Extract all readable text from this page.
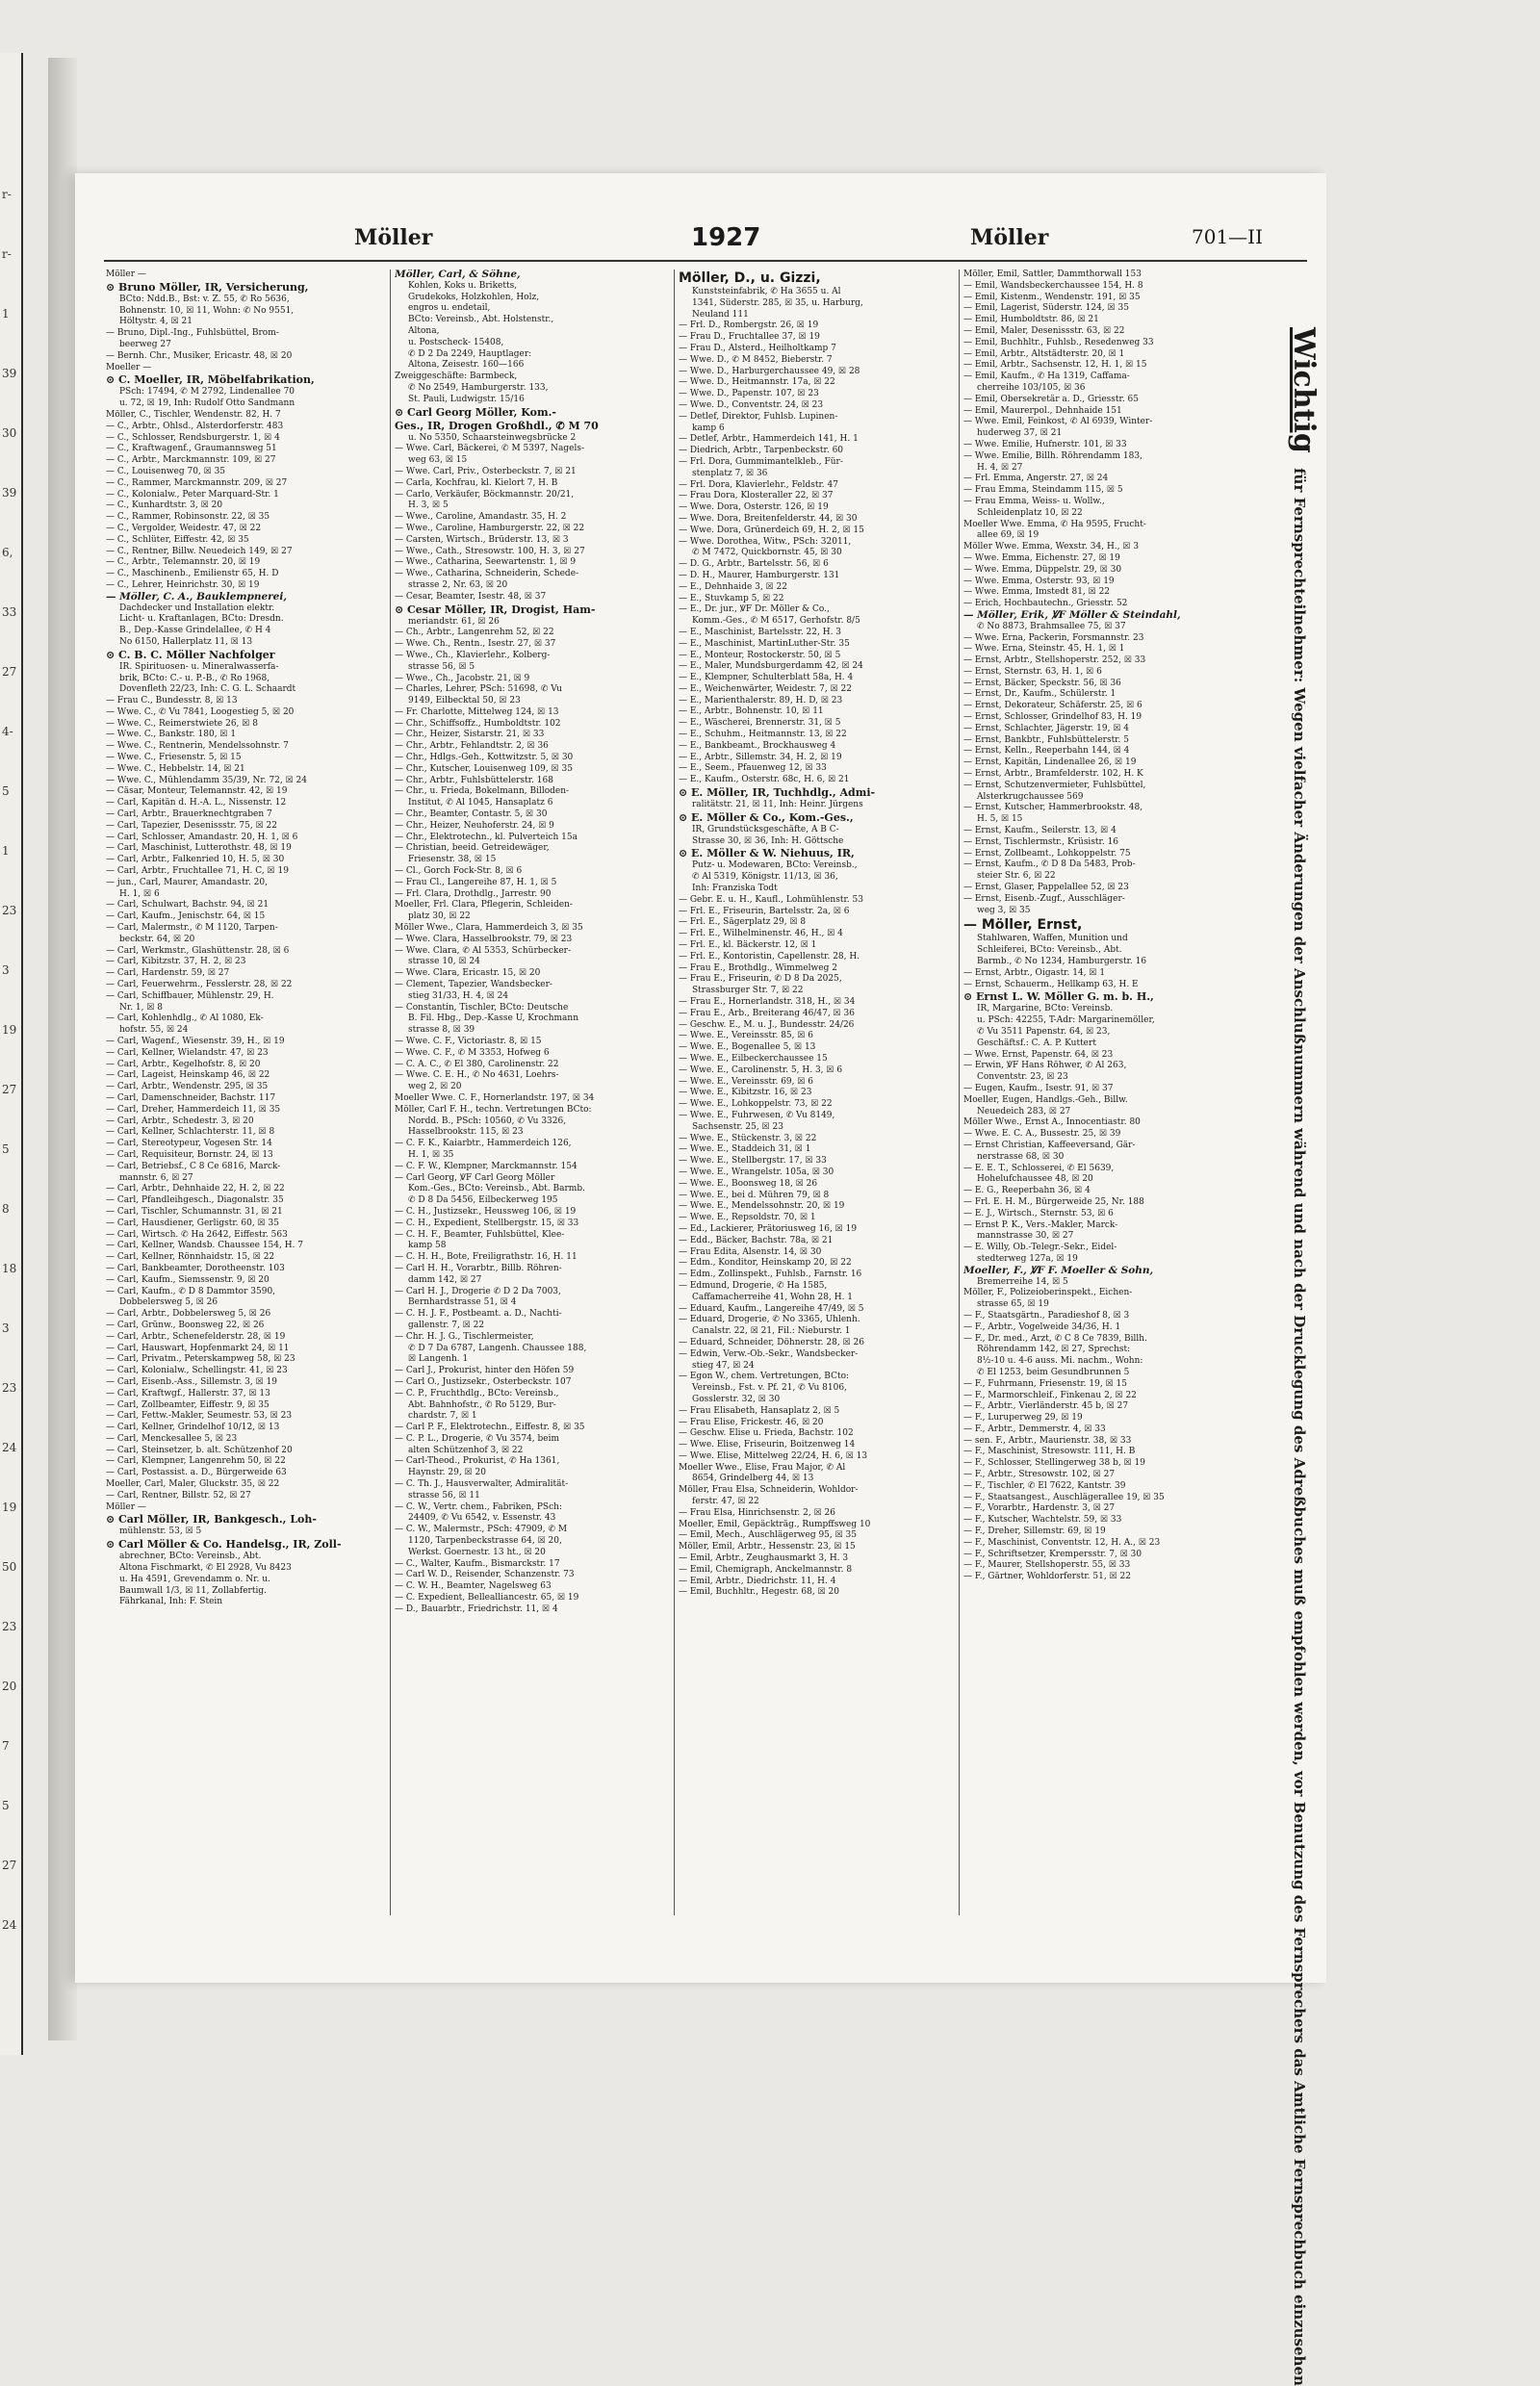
r-
r-
1
39
30
39
6,
33
27
4-
5
1
23
3
19
27
5
8
18
3
23
24
19
50
23
20
7
5
27
24
Möller	1927	Möller	701—II
Möller —
⊙ Bruno Möller, IR, Versicherung,
BCto: Ndd.B., Bst: v. Z. 55, ✆ Ro 5636,
Bohnenstr. 10, ☒ 11, Wohn: ✆ No 9551,
Höltystr. 4, ☒ 21
— Bruno, Dipl.-Ing., Fuhlsbüttel, Brom-
beerweg 27
— Bernh. Chr., Musiker, Ericastr. 48, ☒ 20
Moeller —
⊙ C. Moeller, IR, Möbelfabrikation,
PSch: 17494, ✆ M 2792, Lindenallee 70
u. 72, ☒ 19, Inh: Rudolf Otto Sandmann
Möller, C., Tischler, Wendenstr. 82, H. 7
— C., Arbtr., Ohlsd., Alsterdorferstr. 483
— C., Schlosser, Rendsburgerstr. 1, ☒ 4
— C., Kraftwagenf., Graumannsweg 51
— C., Arbtr., Marckmannstr. 109, ☒ 27
— C., Louisenweg 70, ☒ 35
— C., Rammer, Marckmannstr. 209, ☒ 27
— C., Kolonialw., Peter Marquard-Str. 1
— C., Kunhardtstr. 3, ☒ 20
— C., Rammer, Robinsonstr. 22, ☒ 35
— C., Vergolder, Weidestr. 47, ☒ 22
— C., Schlüter, Eiffestr. 42, ☒ 35
— C., Rentner, Billw. Neuedeich 149, ☒ 27
— C., Arbtr., Telemannstr. 20, ☒ 19
— C., Maschinenb., Emilienstr 65, H. D
— C., Lehrer, Heinrichstr. 30, ☒ 19
— Möller, C. A., Bauklempnerei,
Dachdecker und Installation elektr.
Licht- u. Kraftanlagen, BCto: Dresdn.
B., Dep.-Kasse Grindelallee, ✆ H 4
No 6150, Hallerplatz 11, ☒ 13
⊙ C. B. C. Möller Nachfolger
IR. Spirituosen- u. Mineralwasserfa-
brik, BCto: C.- u. P.-B., ✆ Ro 1968,
Dovenfleth 22/23, Inh: C. G. L. Schaardt
— Frau C., Bundesstr. 8, ☒ 13
— Wwe. C., ✆ Vu 7841, Loogestieg 5, ☒ 20
— Wwe. C., Reimerstwiete 26, ☒ 8
— Wwe. C., Bankstr. 180, ☒ 1
— Wwe. C., Rentnerin, Mendelssohnstr. 7
— Wwe. C., Friesenstr. 5, ☒ 15
— Wwe. C., Hebbelstr. 14, ☒ 21
— Wwe. C., Mühlendamm 35/39, Nr. 72, ☒ 24
— Cäsar, Monteur, Telemannstr. 42, ☒ 19
— Carl, Kapitän d. H.-A. L., Nissenstr. 12
— Carl, Arbtr., Brauerknechtgraben 7
— Carl, Tapezier, Desenissstr. 75, ☒ 22
— Carl, Schlosser, Amandastr. 20, H. 1, ☒ 6
— Carl, Maschinist, Lutterothstr. 48, ☒ 19
— Carl, Arbtr., Falkenried 10, H. 5, ☒ 30
— Carl, Arbtr., Fruchtallee 71, H. C, ☒ 19
— jun., Carl, Maurer, Amandastr. 20,
H. 1, ☒ 6
— Carl, Schulwart, Bachstr. 94, ☒ 21
— Carl, Kaufm., Jenischstr. 64, ☒ 15
— Carl, Malermstr., ✆ M 1120, Tarpen-
beckstr. 64, ☒ 20
— Carl, Werkmstr., Glashüttenstr. 28, ☒ 6
— Carl, Kibitzstr. 37, H. 2, ☒ 23
— Carl, Hardenstr. 59, ☒ 27
— Carl, Feuerwehrm., Fesslerstr. 28, ☒ 22
— Carl, Schiffbauer, Mühlenstr. 29, H.
Nr. 1, ☒ 8
— Carl, Kohlenhdlg., ✆ Al 1080, Ek-
hofstr. 55, ☒ 24
— Carl, Wagenf., Wiesenstr. 39, H., ☒ 19
— Carl, Kellner, Wielandstr. 47, ☒ 23
— Carl, Arbtr., Kegelhofstr. 8, ☒ 20
— Carl, Lageist, Heinskamp 46, ☒ 22
— Carl, Arbtr., Wendenstr. 295, ☒ 35
— Carl, Damenschneider, Bachstr. 117
— Carl, Dreher, Hammerdeich 11, ☒ 35
— Carl, Arbtr., Schedestr. 3, ☒ 20
— Carl, Kellner, Schlachterstr. 11, ☒ 8
— Carl, Stereotypeur, Vogesen Str. 14
— Carl, Requisiteur, Bornstr. 24, ☒ 13
— Carl, Betriebsf., C 8 Ce 6816, Marck-
mannstr. 6, ☒ 27
— Carl, Arbtr., Dehnhaide 22, H. 2, ☒ 22
— Carl, Pfandleihgesch., Diagonalstr. 35
— Carl, Tischler, Schumannstr. 31, ☒ 21
— Carl, Hausdiener, Gerligstr. 60, ☒ 35
— Carl, Wirtsch. ✆ Ha 2642, Eiffestr. 563
— Carl, Kellner, Wandsb. Chaussee 154, H. 7
— Carl, Kellner, Rönnhaidstr. 15, ☒ 22
— Carl, Bankbeamter, Dorotheenstr. 103
— Carl, Kaufm., Siemssenstr. 9, ☒ 20
— Carl, Kaufm., ✆ D 8 Dammtor 3590,
Dobbelersweg 5, ☒ 26
— Carl, Arbtr., Dobbelersweg 5, ☒ 26
— Carl, Grünw., Boonsweg 22, ☒ 26
— Carl, Arbtr., Schenefelderstr. 28, ☒ 19
— Carl, Hauswart, Hopfenmarkt 24, ☒ 11
— Carl, Privatm., Peterskampweg 58, ☒ 23
— Carl, Kolonialw., Schellingstr. 41, ☒ 23
— Carl, Eisenb.-Ass., Sillemstr. 3, ☒ 19
— Carl, Kraftwgf., Hallerstr. 37, ☒ 13
— Carl, Zollbeamter, Eiffestr. 9, ☒ 35
— Carl, Fettw.-Makler, Seumestr. 53, ☒ 23
— Carl, Kellner, Grindelhof 10/12, ☒ 13
— Carl, Menckesallee 5, ☒ 23
— Carl, Steinsetzer, b. alt. Schützenhof 20
— Carl, Klempner, Langenrehm 50, ☒ 22
— Carl, Postassist. a. D., Bürgerweide 63
Moeller, Carl, Maler, Gluckstr. 35, ☒ 22
— Carl, Rentner, Billstr. 52, ☒ 27
Möller —
⊙ Carl Möller, IR, Bankgesch., Loh-
mühlenstr. 53, ☒ 5
⊙ Carl Möller & Co. Handelsg., IR, Zoll-
abrechner, BCto: Vereinsb., Abt.
Altona Fischmarkt, ✆ El 2928, Vu 8423
u. Ha 4591, Grevendamm o. Nr. u.
Baumwall 1/3, ☒ 11, Zollabfertig.
Fährkanal, Inh: F. Stein
Möller, Carl, & Söhne,
Kohlen, Koks u. Briketts,
Grudekoks, Holzkohlen, Holz,
engros u. endetail,
BCto: Vereinsb., Abt. Holstenstr.,
Altona,
u. Postscheck- 15408,
✆ D 2 Da 2249, Hauptlager:
Altona, Zeisestr. 160—166
Zweiggeschäfte: Barmbeck,
✆ No 2549, Hamburgerstr. 133,
St. Pauli, Ludwigstr. 15/16
⊙ Carl Georg Möller, Kom.-
Ges., IR, Drogen Großhdl., ✆ M 70
u. No 5350, Schaarsteinwegsbrücke 2
— Wwe. Carl, Bäckerei, ✆ M 5397, Nagels-
weg 63, ☒ 15
— Wwe. Carl, Priv., Osterbeckstr. 7, ☒ 21
— Carla, Kochfrau, kl. Kielort 7, H. B
— Carlo, Verkäufer, Böckmannstr. 20/21,
H. 3, ☒ 5
— Wwe., Caroline, Amandastr. 35, H. 2
— Wwe., Caroline, Hamburgerstr. 22, ☒ 22
— Carsten, Wirtsch., Brüderstr. 13, ☒ 3
— Wwe., Cath., Stresowstr. 100, H. 3, ☒ 27
— Wwe., Catharina, Seewartenstr. 1, ☒ 9
— Wwe., Catharina, Schneiderin, Schede-
strasse 2, Nr. 63, ☒ 20
— Cesar, Beamter, Isestr. 48, ☒ 37
⊙ Cesar Möller, IR, Drogist, Ham-
meriandstr. 61, ☒ 26
— Ch., Arbtr., Langenrehm 52, ☒ 22
— Wwe. Ch., Rentn., Isestr. 27, ☒ 37
— Wwe., Ch., Klavierlehr., Kolberg-
strasse 56, ☒ 5
— Wwe., Ch., Jacobstr. 21, ☒ 9
— Charles, Lehrer, PSch: 51698, ✆ Vu
9149, Eilbecktal 50, ☒ 23
— Fr. Charlotte, Mittelweg 124, ☒ 13
— Chr., Schiffsoffz., Humboldtstr. 102
— Chr., Heizer, Sistarstr. 21, ☒ 33
— Chr., Arbtr., Fehlandtstr. 2, ☒ 36
— Chr., Hdlgs.-Geh., Kottwitzstr. 5, ☒ 30
— Chr., Kutscher, Louisenweg 109, ☒ 35
— Chr., Arbtr., Fuhlsbüttelerstr. 168
— Chr., u. Frieda, Bokelmann, Billoden-
Institut, ✆ Al 1045, Hansaplatz 6
— Chr., Beamter, Contastr. 5, ☒ 30
— Chr., Heizer, Neuhoferstr. 24, ☒ 9
— Chr., Elektrotechn., kl. Pulverteich 15a
— Christian, beeid. Getreidewäger,
Friesenstr. 38, ☒ 15
— Cl., Gorch Fock-Str. 8, ☒ 6
— Frau Cl., Langereihe 87, H. 1, ☒ 5
— Frl. Clara, Drothdlg., Jarrestr. 90
Moeller, Frl. Clara, Pflegerin, Schleiden-
platz 30, ☒ 22
Möller Wwe., Clara, Hammerdeich 3, ☒ 35
— Wwe. Clara, Hasselbrookstr. 79, ☒ 23
— Wwe. Clara, ✆ Al 5353, Schürbecker-
strasse 10, ☒ 24
— Wwe. Clara, Ericastr. 15, ☒ 20
— Clement, Tapezier, Wandsbecker-
stieg 31/33, H. 4, ☒ 24
— Constantin, Tischler, BCto: Deutsche
B. Fil. Hbg., Dep.-Kasse U, Krochmann
strasse 8, ☒ 39
— Wwe. C. F., Victoriastr. 8, ☒ 15
— Wwe. C. F., ✆ M 3353, Hofweg 6
— C. A. C., ✆ El 380, Carolinenstr. 22
— Wwe. C. E. H., ✆ No 4631, Loehrs-
weg 2, ☒ 20
Moeller Wwe. C. F., Hornerlandstr. 197, ☒ 34
Möller, Carl F. H., techn. Vertretungen BCto:
Nordd. B., PSch: 10560, ✆ Vu 3326,
Hasselbrookstr. 115, ☒ 23
— C. F. K., Kaiarbtr., Hammerdeich 126,
H. 1, ☒ 35
— C. F. W., Klempner, Marckmannstr. 154
— Carl Georg, ℣F Carl Georg Möller
Kom.-Ges., BCto: Vereinsb., Abt. Barmb.
✆ D 8 Da 5456, Eilbeckerweg 195
— C. H., Justizsekr., Heussweg 106, ☒ 19
— C. H., Expedient, Stellbergstr. 15, ☒ 33
— C. H. F., Beamter, Fuhlsbüttel, Klee-
kamp 58
— C. H. H., Bote, Freiligrathstr. 16, H. 11
— Carl H. H., Vorarbtr., Billb. Röhren-
damm 142, ☒ 27
— Carl H. J., Drogerie ✆ D 2 Da 7003,
Bernhardstrasse 51, ☒ 4
— C. H. J. F., Postbeamt. a. D., Nachti-
gallenstr. 7, ☒ 22
— Chr. H. J. G., Tischlermeister,
✆ D 7 Da 6787, Langenh. Chaussee 188,
☒ Langenh. 1
— Carl J., Prokurist, hinter den Höfen 59
— Carl O., Justizsekr., Osterbeckstr. 107
— C. P., Fruchthdlg., BCto: Vereinsb.,
Abt. Bahnhofstr., ✆ Ro 5129, Bur-
chardstr. 7, ☒ 1
— Carl P. F., Elektrotechn., Eiffestr. 8, ☒ 35
— C. P. L., Drogerie, ✆ Vu 3574, beim
alten Schützenhof 3, ☒ 22
— Carl-Theod., Prokurist, ✆ Ha 1361,
Haynstr. 29, ☒ 20
— C. Th. J., Hausverwalter, Admiralität-
strasse 56, ☒ 11
— C. W., Vertr. chem., Fabriken, PSch:
24409, ✆ Vu 6542, v. Essenstr. 43
— C. W., Malermstr., PSch: 47909, ✆ M
1120, Tarpenbeckstrasse 64, ☒ 20,
Werkst. Goernestr. 13 ht., ☒ 20
— C., Walter, Kaufm., Bismarckstr. 17
— Carl W. D., Reisender, Schanzenstr. 73
— C. W. H., Beamter, Nagelsweg 63
— C. Expedient, Bellealliancestr. 65, ☒ 19
— D., Bauarbtr., Friedrichstr. 11, ☒ 4
Möller, D., u. Gizzi,
Kunststeinfabrik, ✆ Ha 3655 u. Al
1341, Süderstr. 285, ☒ 35, u. Harburg,
Neuland 111
— Frl. D., Rombergstr. 26, ☒ 19
— Frau D., Fruchtallee 37, ☒ 19
— Frau D., Alsterd., Heilholtkamp 7
— Wwe. D., ✆ M 8452, Bieberstr. 7
— Wwe. D., Harburgerchaussee 49, ☒ 28
— Wwe. D., Heitmannstr. 17a, ☒ 22
— Wwe. D., Papenstr. 107, ☒ 23
— Wwe. D., Conventstr. 24, ☒ 23
— Detlef, Direktor, Fuhlsb. Lupinen-
kamp 6
— Detlef, Arbtr., Hammerdeich 141, H. 1
— Diedrich, Arbtr., Tarpenbeckstr. 60
— Frl. Dora, Gummimantelkleb., Für-
stenplatz 7, ☒ 36
— Frl. Dora, Klavierlehr., Feldstr. 47
— Frau Dora, Klosteraller 22, ☒ 37
— Wwe. Dora, Osterstr. 126, ☒ 19
— Wwe. Dora, Breitenfelderstr. 44, ☒ 30
— Wwe. Dora, Grünerdeich 69, H. 2, ☒ 15
— Wwe. Dorothea, Witw., PSch: 32011,
✆ M 7472, Quickbornstr. 45, ☒ 30
— D. G., Arbtr., Bartelsstr. 56, ☒ 6
— D. H., Maurer, Hamburgerstr. 131
— E., Dehnhaide 3, ☒ 22
— E., Stuvkamp 5, ☒ 22
— E., Dr. jur., ℣F Dr. Möller & Co.,
Komm.-Ges., ✆ M 6517, Gerhofstr. 8/5
— E., Maschinist, Bartelsstr. 22, H. 3
— E., Maschinist, MartinLuther-Str. 35
— E., Monteur, Rostockerstr. 50, ☒ 5
— E., Maler, Mundsburgerdamm 42, ☒ 24
— E., Klempner, Schulterblatt 58a, H. 4
— E., Weichenwärter, Weidestr. 7, ☒ 22
— E., Marienthalerstr. 89, H. D, ☒ 23
— E., Arbtr., Bohnenstr. 10, ☒ 11
— E., Wäscherei, Brennerstr. 31, ☒ 5
— E., Schuhm., Heitmannstr. 13, ☒ 22
— E., Bankbeamt., Brockhausweg 4
— E., Arbtr., Sillemstr. 34, H. 2, ☒ 19
— E., Seem., Pfauenweg 12, ☒ 33
— E., Kaufm., Osterstr. 68c, H. 6, ☒ 21
⊙ E. Möller, IR, Tuchhdlg., Admi-
ralitätstr. 21, ☒ 11, Inh: Heinr. Jürgens
⊙ E. Möller & Co., Kom.-Ges.,
IR, Grundstücksgeschäfte, A B C-
Strasse 30, ☒ 36, Inh: H. Göttsche
⊙ E. Möller & W. Niehuus, IR,
Putz- u. Modewaren, BCto: Vereinsb.,
✆ Al 5319, Königstr. 11/13, ☒ 36,
Inh: Franziska Todt
— Gebr. E. u. H., Kaufl., Lohmühlenstr. 53
— Frl. E., Friseurin, Bartelsstr. 2a, ☒ 6
— Frl. E., Sägerplatz 29, ☒ 8
— Frl. E., Wilhelminenstr. 46, H., ☒ 4
— Frl. E., kl. Bäckerstr. 12, ☒ 1
— Frl. E., Kontoristin, Capellenstr. 28, H.
— Frau E., Brothdlg., Wimmelweg 2
— Frau E., Friseurin, ✆ D 8 Da 2025,
Strassburger Str. 7, ☒ 22
— Frau E., Hornerlandstr. 318, H., ☒ 34
— Frau E., Arb., Breiterang 46/47, ☒ 36
— Geschw. E., M. u. J., Bundesstr. 24/26
— Wwe. E., Vereinsstr. 85, ☒ 6
— Wwe. E., Bogenallee 5, ☒ 13
— Wwe. E., Eilbeckerchaussee 15
— Wwe. E., Carolinenstr. 5, H. 3, ☒ 6
— Wwe. E., Vereinsstr. 69, ☒ 6
— Wwe. E., Kibitzstr. 16, ☒ 23
— Wwe. E., Lohkoppelstr. 73, ☒ 22
— Wwe. E., Fuhrwesen, ✆ Vu 8149,
Sachsenstr. 25, ☒ 23
— Wwe. E., Stückenstr. 3, ☒ 22
— Wwe. E., Staddeich 31, ☒ 1
— Wwe. E., Stellbergstr. 17, ☒ 33
— Wwe. E., Wrangelstr. 105a, ☒ 30
— Wwe. E., Boonsweg 18, ☒ 26
— Wwe. E., bei d. Mühren 79, ☒ 8
— Wwe. E., Mendelssohnstr. 20, ☒ 19
— Wwe. E., Repsoldstr. 70, ☒ 1
— Ed., Lackierer, Prätoriusweg 16, ☒ 19
— Edd., Bäcker, Bachstr. 78a, ☒ 21
— Frau Edita, Alsenstr. 14, ☒ 30
— Edm., Konditor, Heinskamp 20, ☒ 22
— Edm., Zollinspekt., Fuhlsb., Farnstr. 16
— Edmund, Drogerie, ✆ Ha 1585,
Caffamacherreihe 41, Wohn 28, H. 1
— Eduard, Kaufm., Langereihe 47/49, ☒ 5
— Eduard, Drogerie, ✆ No 3365, Uhlenh.
Canalstr. 22, ☒ 21, Fil.: Nieburstr. 1
— Eduard, Schneider, Döhnerstr. 28, ☒ 26
— Edwin, Verw.-Ob.-Sekr., Wandsbecker-
stieg 47, ☒ 24
— Egon W., chem. Vertretungen, BCto:
Vereinsb., Fst. v. Pf. 21, ✆ Vu 8106,
Gosslerstr. 32, ☒ 30
— Frau Elisabeth, Hansaplatz 2, ☒ 5
— Frau Elise, Frickestr. 46, ☒ 20
— Geschw. Elise u. Frieda, Bachstr. 102
— Wwe. Elise, Friseurin, Boitzenweg 14
— Wwe. Elise, Mittelweg 22/24, H. 6, ☒ 13
Moeller Wwe., Elise, Frau Major, ✆ Al
8654, Grindelberg 44, ☒ 13
Möller, Frau Elsa, Schneiderin, Wohldor-
ferstr. 47, ☒ 22
— Frau Elsa, Hinrichsenstr. 2, ☒ 26
Moeller, Emil, Gepäckträg., Rumpffsweg 10
— Emil, Mech., Auschlägerweg 95, ☒ 35
Möller, Emil, Arbtr., Hessenstr. 23, ☒ 15
— Emil, Arbtr., Zeughausmarkt 3, H. 3
— Emil, Chemigraph, Anckelmannstr. 8
— Emil, Arbtr., Diedrichstr. 11, H. 4
— Emil, Buchhltr., Hegestr. 68, ☒ 20
Möller, Emil, Sattler, Dammthorwall 153
— Emil, Wandsbeckerchaussee 154, H. 8
— Emil, Kistenm., Wendenstr. 191, ☒ 35
— Emil, Lagerist, Süderstr. 124, ☒ 35
— Emil, Humboldtstr. 86, ☒ 21
— Emil, Maler, Desenissstr. 63, ☒ 22
— Emil, Buchhltr., Fuhlsb., Resedenweg 33
— Emil, Arbtr., Altstädterstr. 20, ☒ 1
— Emil, Arbtr., Sachsenstr. 12, H. 1, ☒ 15
— Emil, Kaufm., ✆ Ha 1319, Caffama-
cherreihe 103/105, ☒ 36
— Emil, Obersekretär a. D., Griesstr. 65
— Emil, Maurerpol., Dehnhaide 151
— Wwe. Emil, Feinkost, ✆ Al 6939, Winter-
huderweg 37, ☒ 21
— Wwe. Emilie, Hufnerstr. 101, ☒ 33
— Wwe. Emilie, Billh. Röhrendamm 183,
H. 4, ☒ 27
— Frl. Emma, Angerstr. 27, ☒ 24
— Frau Emma, Steindamm 115, ☒ 5
— Frau Emma, Weiss- u. Wollw.,
Schleidenplatz 10, ☒ 22
Moeller Wwe. Emma, ✆ Ha 9595, Frucht-
allee 69, ☒ 19
Möller Wwe. Emma, Wexstr. 34, H., ☒ 3
— Wwe. Emma, Eichenstr. 27, ☒ 19
— Wwe. Emma, Düppelstr. 29, ☒ 30
— Wwe. Emma, Osterstr. 93, ☒ 19
— Wwe. Emma, Imstedt 81, ☒ 22
— Erich, Hochbautechn., Griesstr. 52
— Möller, Erik, ℣F Möller & Steindahl,
✆ No 8873, Brahmsallee 75, ☒ 37
— Wwe. Erna, Packerin, Forsmannstr. 23
— Wwe. Erna, Steinstr. 45, H. 1, ☒ 1
— Ernst, Arbtr., Stellshoperstr. 252, ☒ 33
— Ernst, Sternstr. 63, H. 1, ☒ 6
— Ernst, Bäcker, Speckstr. 56, ☒ 36
— Ernst, Dr., Kaufm., Schülerstr. 1
— Ernst, Dekorateur, Schäferstr. 25, ☒ 6
— Ernst, Schlosser, Grindelhof 83, H. 19
— Ernst, Schlachter, Jägerstr. 19, ☒ 4
— Ernst, Bankbtr., Fuhlsbüttelerstr. 5
— Ernst, Kelln., Reeperbahn 144, ☒ 4
— Ernst, Kapitän, Lindenallee 26, ☒ 19
— Ernst, Arbtr., Bramfelderstr. 102, H. K
— Ernst, Schutzenvermieter, Fuhlsbüttel,
Alsterkrugchaussee 569
— Ernst, Kutscher, Hammerbrookstr. 48,
H. 5, ☒ 15
— Ernst, Kaufm., Seilerstr. 13, ☒ 4
— Ernst, Tischlermstr., Krüsistr. 16
— Ernst, Zollbeamt., Lohkoppelstr. 75
— Ernst, Kaufm., ✆ D 8 Da 5483, Prob-
steier Str. 6, ☒ 22
— Ernst, Glaser, Pappelallee 52, ☒ 23
— Ernst, Eisenb.-Zugf., Ausschläger-
weg 3, ☒ 35
— Möller, Ernst,
Stahlwaren, Waffen, Munition und
Schleiferei, BCto: Vereinsb., Abt.
Barmb., ✆ No 1234, Hamburgerstr. 16
— Ernst, Arbtr., Oigastr. 14, ☒ 1
— Ernst, Schauerm., Hellkamp 63, H. E
⊙ Ernst L. W. Möller G. m. b. H.,
IR, Margarine, BCto: Vereinsb.
u. PSch: 42255, T-Adr: Margarinemöller,
✆ Vu 3511 Papenstr. 64, ☒ 23,
Geschäftsf.: C. A. P. Kuttert
— Wwe. Ernst, Papenstr. 64, ☒ 23
— Erwin, ℣F Hans Röhwer, ✆ Al 263,
Conventstr. 23, ☒ 23
— Eugen, Kaufm., Isestr. 91, ☒ 37
Moeller, Eugen, Handlgs.-Geh., Billw.
Neuedeich 283, ☒ 27
Möller Wwe., Ernst A., Innocentiastr. 80
— Wwe. E. C. A., Bussestr. 25, ☒ 39
— Ernst Christian, Kaffeeversand, Gär-
nerstrasse 68, ☒ 30
— E. E. T., Schlosserei, ✆ El 5639,
Hohelufchaussee 48, ☒ 20
— E. G., Reeperbahn 36, ☒ 4
— Frl. E. H. M., Bürgerweide 25, Nr. 188
— E. J., Wirtsch., Sternstr. 53, ☒ 6
— Ernst P. K., Vers.-Makler, Marck-
mannstrasse 30, ☒ 27
— E. Willy, Ob.-Telegr.-Sekr., Eidel-
stedterweg 127a, ☒ 19
Moeller, F., ℣F F. Moeller & Sohn,
Bremerreihe 14, ☒ 5
Möller, F., Polizeioberinspekt., Eichen-
strasse 65, ☒ 19
— F., Staatsgärtn., Paradieshof 8, ☒ 3
— F., Arbtr., Vogelweide 34/36, H. 1
— F., Dr. med., Arzt, ✆ C 8 Ce 7839, Billh.
Röhrendamm 142, ☒ 27, Sprechst:
8½-10 u. 4-6 auss. Mi. nachm., Wohn:
✆ El 1253, beim Gesundbrunnen 5
— F., Fuhrmann, Friesenstr. 19, ☒ 15
— F., Marmorschleif., Finkenau 2, ☒ 22
— F., Arbtr., Vierländerstr. 45 b, ☒ 27
— F., Luruperweg 29, ☒ 19
— F., Arbtr., Demmerstr. 4, ☒ 33
— sen. F., Arbtr., Maurienstr. 38, ☒ 33
— F., Maschinist, Stresowstr. 111, H. B
— F., Schlosser, Stellingerweg 38 b, ☒ 19
— F., Arbtr., Stresowstr. 102, ☒ 27
— F., Tischler, ✆ El 7622, Kantstr. 39
— F., Staatsangest., Auschlägerallee 19, ☒ 35
— F., Vorarbtr., Hardenstr. 3, ☒ 27
— F., Kutscher, Wachtelstr. 59, ☒ 33
— F., Dreher, Sillemstr. 69, ☒ 19
— F., Maschinist, Conventstr. 12, H. A., ☒ 23
— F., Schriftsetzer, Krempersstr. 7, ☒ 30
— F., Maurer, Stellshoperstr. 55, ☒ 33
— F., Gärtner, Wohldorferstr. 51, ☒ 22
Wichtig für Fernsprechteilnehmer: Wegen vielfacher Änderungen der Anschlußnummern während und nach der Drucklegung des Adreßbuches muß empfohlen werden, vor Benutzung des Fernsprechers das Amtliche Fernsprechbuch einzusehen
